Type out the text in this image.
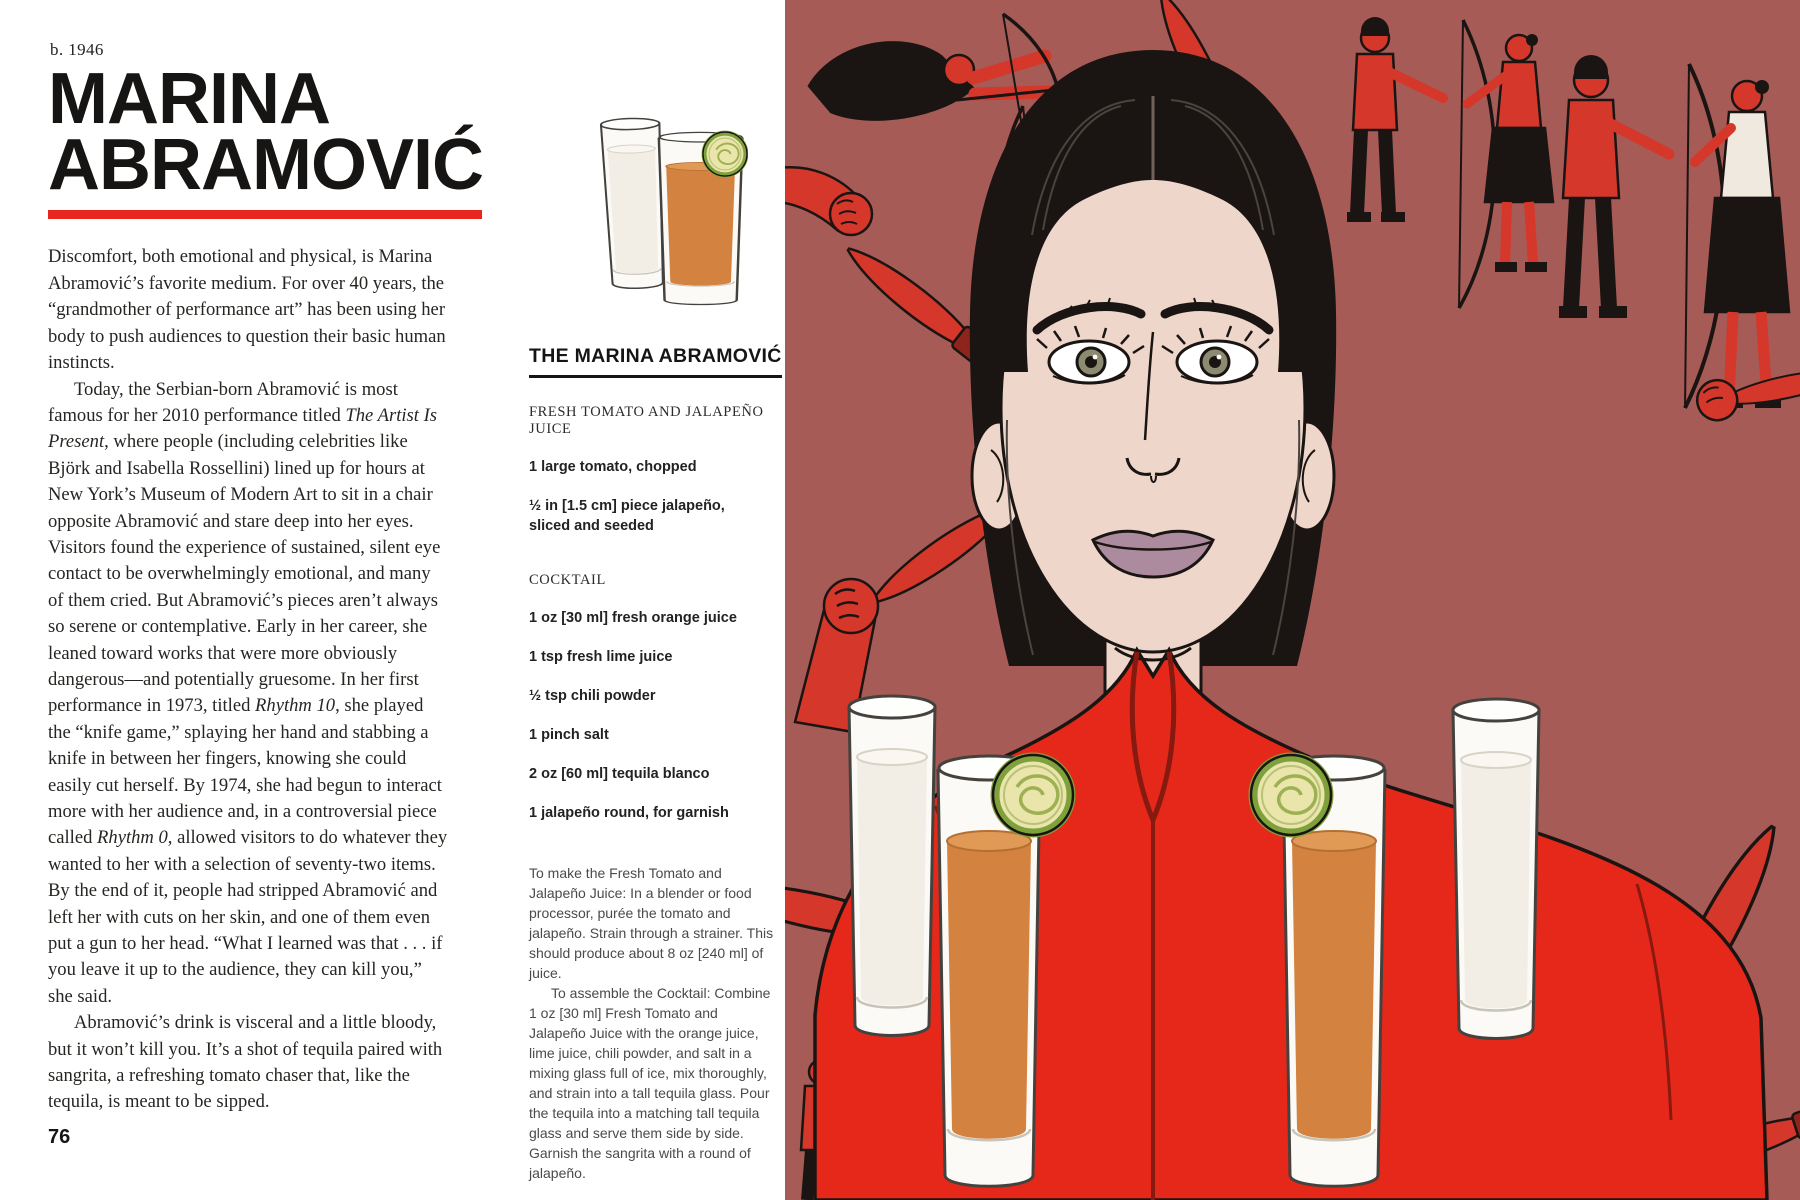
b. 1946

MARINA
ABRAMOVIĆ

Discomfort, both emotional and physical, is Marina Abramović’s favorite medium. For over 40 years, the “grandmother of performance art” has been using her body to push audiences to question their basic human instincts.

Today, the Serbian-born Abramović is most famous for her 2010 performance titled The Artist Is Present, where people (including celebrities like Björk and Isabella Rossellini) lined up for hours at New York’s Museum of Modern Art to sit in a chair opposite Abramović and stare deep into her eyes. Visitors found the experience of sustained, silent eye contact to be overwhelmingly emotional, and many of them cried. But Abramović’s pieces aren’t always so serene or contemplative. Early in her career, she leaned toward works that were more obviously dangerous—and potentially gruesome. In her first performance in 1973, titled Rhythm 10, she played the “knife game,” splaying her hand and stabbing a knife in between her fingers, knowing she could easily cut herself. By 1974, she had begun to interact more with her audience and, in a controversial piece called Rhythm 0, allowed visitors to do whatever they wanted to her with a selection of seventy-two items. By the end of it, people had stripped Abramović and left her with cuts on her skin, and one of them even put a gun to her head. “What I learned was that . . . if you leave it up to the audience, they can kill you,” she said.

Abramović’s drink is visceral and a little bloody, but it won’t kill you. It’s a shot of tequila paired with sangrita, a refreshing tomato chaser that, like the tequila, is meant to be sipped.

76
THE MARINA ABRAMOVIĆ

FRESH TOMATO AND JALAPEÑO JUICE

1 large tomato, chopped

½ in [1.5 cm] piece jalapeño, sliced and seeded

COCKTAIL

1 oz [30 ml] fresh orange juice

1 tsp fresh lime juice

½ tsp chili powder

1 pinch salt

2 oz [60 ml] tequila blanco

1 jalapeño round, for garnish

To make the Fresh Tomato and Jalapeño Juice: In a blender or food processor, purée the tomato and jalapeño. Strain through a strainer. This should produce about 8 oz [240 ml] of juice.

To assemble the Cocktail: Combine 1 oz [30 ml] Fresh Tomato and Jalapeño Juice with the orange juice, lime juice, chili powder, and salt in a mixing glass full of ice, mix thoroughly, and strain into a tall tequila glass. Pour the tequila into a matching tall tequila glass and serve them side by side. Garnish the sangrita with a round of jalapeño.
